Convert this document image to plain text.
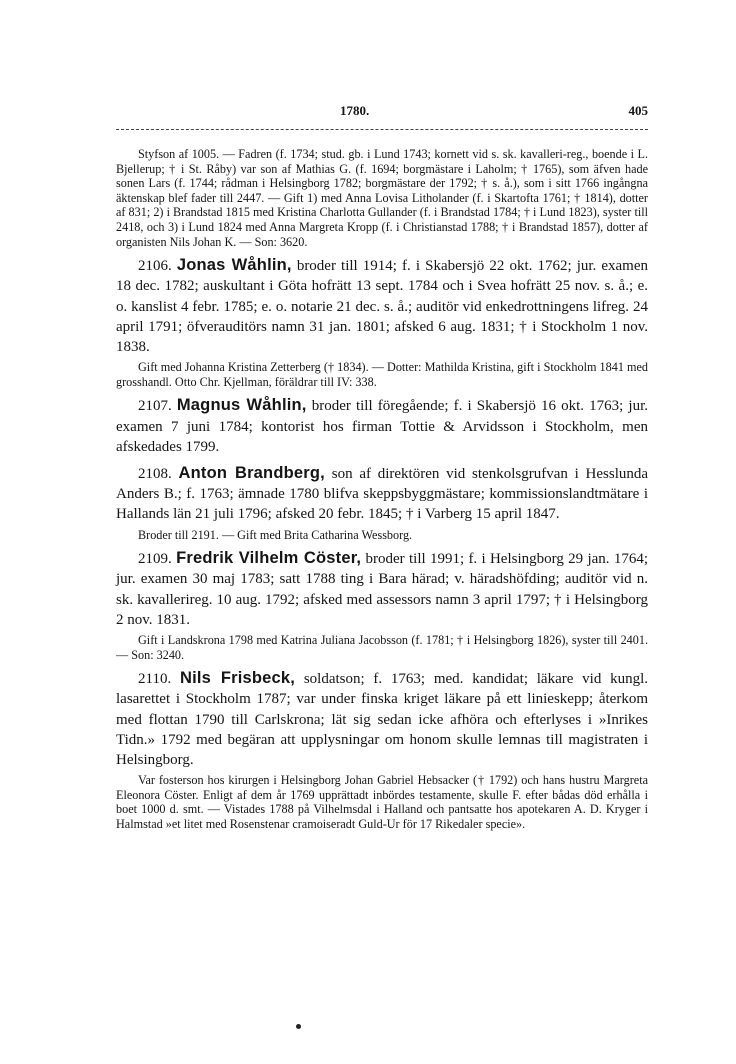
1780.	405

Styfson af 1005. — Fadren (f. 1734; stud. gb. i Lund 1743; kornett vid s. sk. kavalleri-reg., boende i L. Bjellerup; † i St. Råby) var son af Mathias G. (f. 1694; borgmästare i Laholm; † 1765), som äfven hade sonen Lars (f. 1744; rådman i Helsingborg 1782; borgmästare der 1792; † s. å.), som i sitt 1766 ingångna äktenskap blef fader till 2447. — Gift 1) med Anna Lovisa Litholander (f. i Skartofta 1761; † 1814), dotter af 831; 2) i Brandstad 1815 med Kristina Charlotta Gullander (f. i Brandstad 1784; † i Lund 1823), syster till 2418, och 3) i Lund 1824 med Anna Margreta Kropp (f. i Christianstad 1788; † i Brandstad 1857), dotter af organisten Nils Johan K. — Son: 3620.

2106. Jonas Wåhlin, broder till 1914; f. i Skabersjö 22 okt. 1762; jur. examen 18 dec. 1782; auskultant i Göta hofrätt 13 sept. 1784 och i Svea hofrätt 25 nov. s. å.; e. o. kanslist 4 febr. 1785; e. o. notarie 21 dec. s. å.; auditör vid enkedrottningens lifreg. 24 april 1791; öfverauditörs namn 31 jan. 1801; afsked 6 aug. 1831; † i Stockholm 1 nov. 1838.

Gift med Johanna Kristina Zetterberg († 1834). — Dotter: Mathilda Kristina, gift i Stockholm 1841 med grosshandl. Otto Chr. Kjellman, föräldrar till IV: 338.

2107. Magnus Wåhlin, broder till föregående; f. i Skabersjö 16 okt. 1763; jur. examen 7 juni 1784; kontorist hos firman Tottie & Arvidsson i Stockholm, men afskedades 1799.

2108. Anton Brandberg, son af direktören vid stenkolsgrufvan i Hesslunda Anders B.; f. 1763; ämnade 1780 blifva skeppsbyggmästare; kommissionslandtmätare i Hallands län 21 juli 1796; afsked 20 febr. 1845; † i Varberg 15 april 1847.

Broder till 2191. — Gift med Brita Catharina Wessborg.

2109. Fredrik Vilhelm Cöster, broder till 1991; f. i Helsingborg 29 jan. 1764; jur. examen 30 maj 1783; satt 1788 ting i Bara härad; v. häradshöfding; auditör vid n. sk. kavallerireg. 10 aug. 1792; afsked med assessors namn 3 april 1797; † i Helsingborg 2 nov. 1831.

Gift i Landskrona 1798 med Katrina Juliana Jacobsson (f. 1781; † i Helsingborg 1826), syster till 2401. — Son: 3240.

2110. Nils Frisbeck, soldatson; f. 1763; med. kandidat; läkare vid kungl. lasarettet i Stockholm 1787; var under finska kriget läkare på ett linieskepp; återkom med flottan 1790 till Carlskrona; lät sig sedan icke afhöra och efterlyses i »Inrikes Tidn.» 1792 med begäran att upplysningar om honom skulle lemnas till magistraten i Helsingborg.

Var fosterson hos kirurgen i Helsingborg Johan Gabriel Hebsacker († 1792) och hans hustru Margreta Eleonora Cöster. Enligt af dem år 1769 upprättadt inbördes testamente, skulle F. efter bådas död erhålla i boet 1000 d. smt. — Vistades 1788 på Vilhelmsdal i Halland och pantsatte hos apotekaren A. D. Kryger i Halmstad »et litet med Rosenstenar cramoiseradt Guld-Ur för 17 Rikedaler specie».
